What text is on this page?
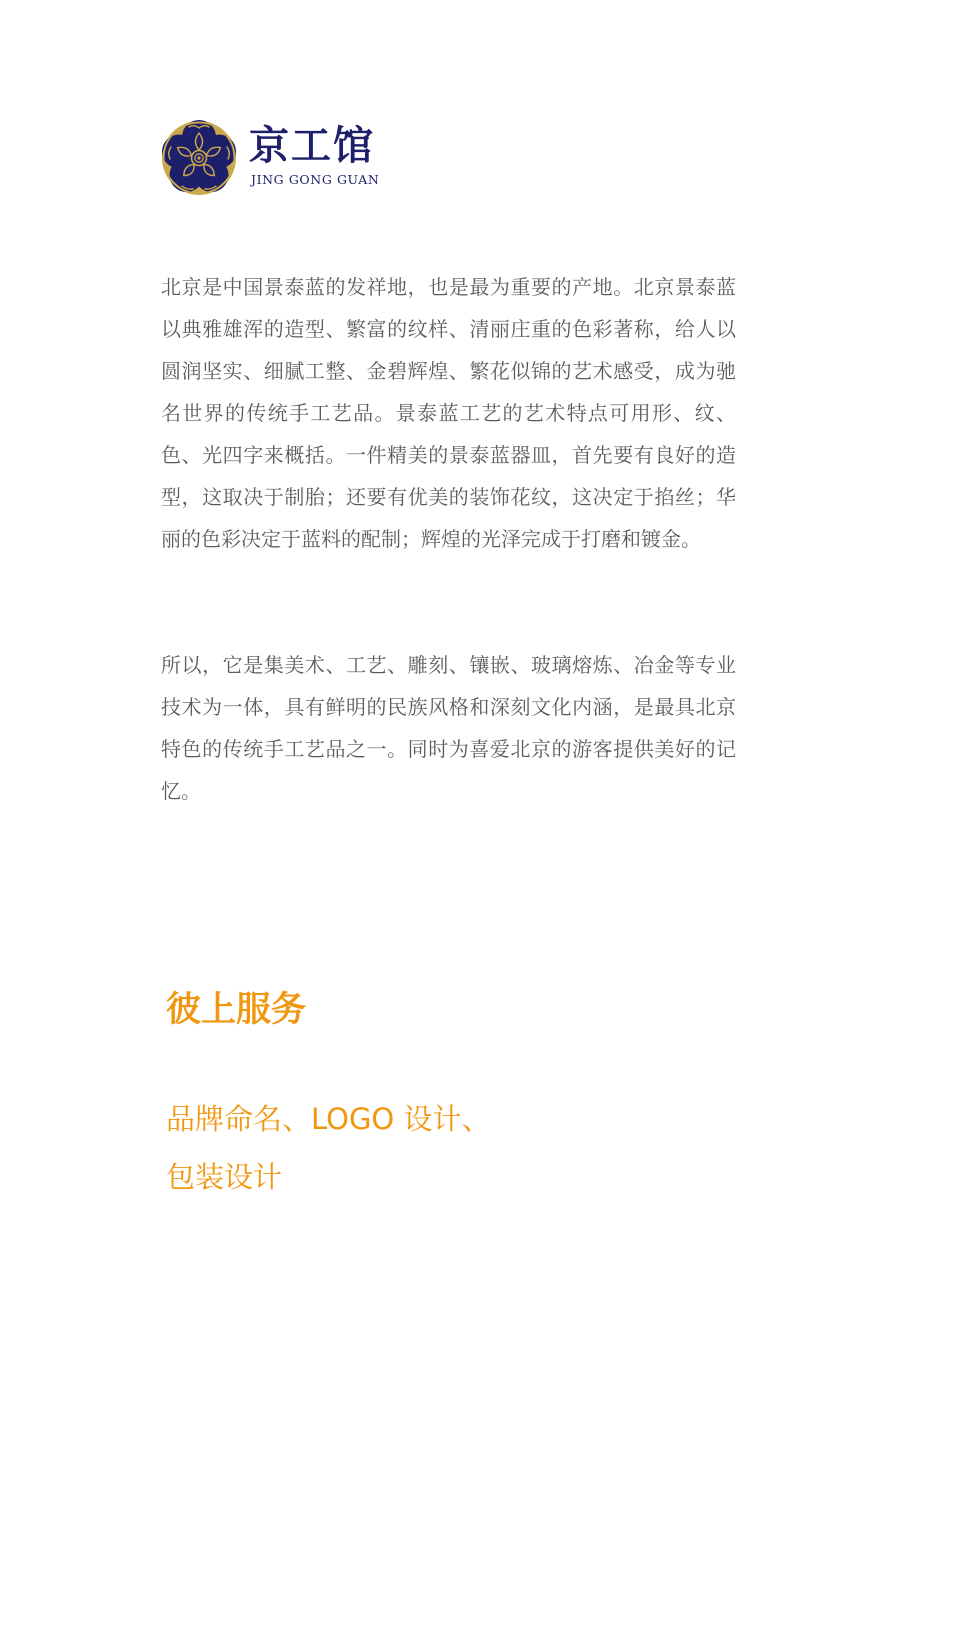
京工馆
JING GONG GUAN

北京是中国景泰蓝的发祥地，也是最为重要的产地。北京景泰蓝以典雅雄浑的造型、繁富的纹样、清丽庄重的色彩著称，给人以圆润坚实、细腻工整、金碧辉煌、繁花似锦的艺术感受，成为驰名世界的传统手工艺品。景泰蓝工艺的艺术特点可用形、纹、色、光四字来概括。一件精美的景泰蓝器皿，首先要有良好的造型，这取决于制胎；还要有优美的装饰花纹，这决定于掐丝；华丽的色彩决定于蓝料的配制；辉煌的光泽完成于打磨和镀金。

所以，它是集美术、工艺、雕刻、镶嵌、玻璃熔炼、冶金等专业技术为一体，具有鲜明的民族风格和深刻文化内涵，是最具北京特色的传统手工艺品之一。同时为喜爱北京的游客提供美好的记忆。

彼上服务
品牌命名、LOGO 设计、
包装设计
